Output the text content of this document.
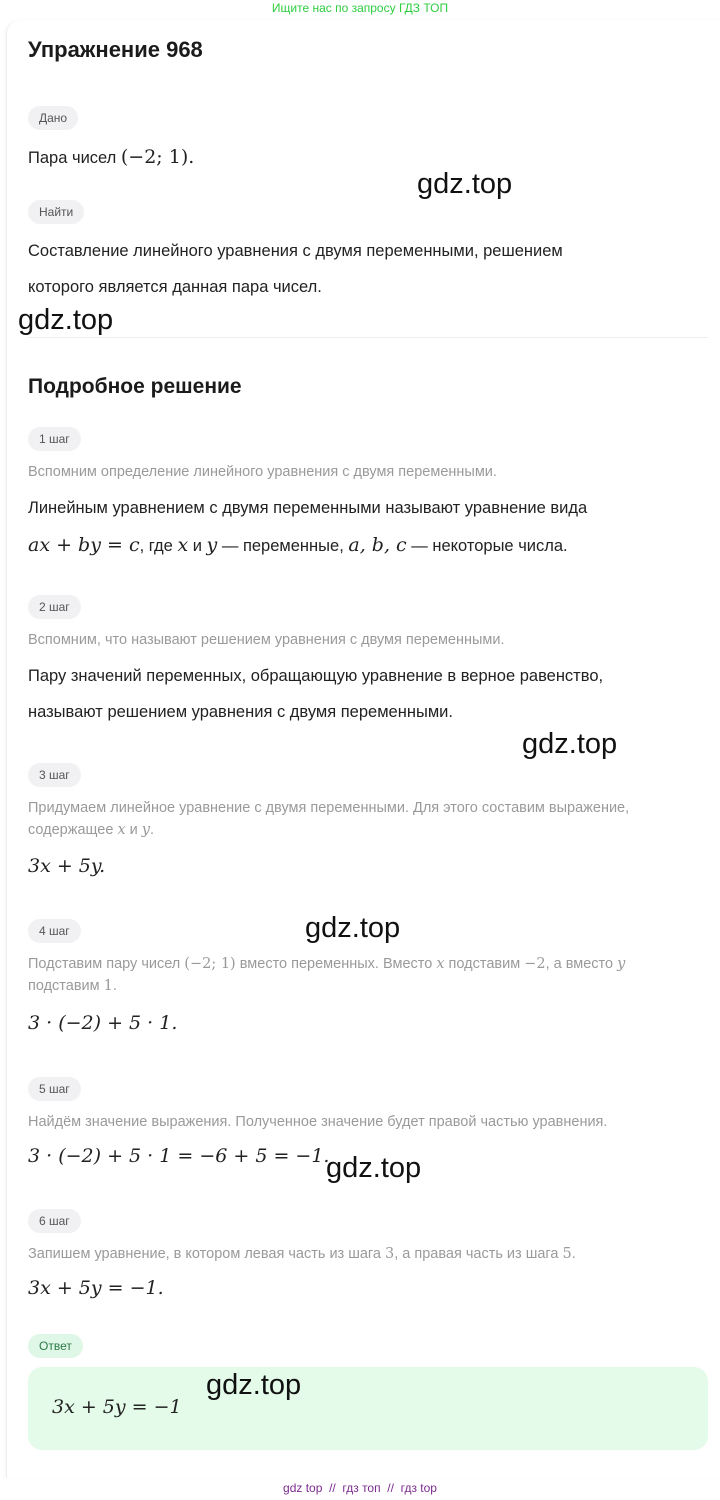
Ищите нас по запросу ГДЗ ТОП
Упражнение 968
Дано
Пара чисел (−2; 1).
Найти
Составление линейного уравнения с двумя переменными, решением
которого является данная пара чисел.
Подробное решение
1 шаг
Вспомним определение линейного уравнения с двумя переменными.
Линейным уравнением с двумя переменными называют уравнение вида
ax + by = c, где x и y — переменные, a, b, c — некоторые числа.
2 шаг
Вспомним, что называют решением уравнения с двумя переменными.
Пару значений переменных, обращающую уравнение в верное равенство,
называют решением уравнения с двумя переменными.
3 шаг
Придумаем линейное уравнение с двумя переменными. Для этого составим выражение,
содержащее x и y.
3x + 5y.
4 шаг
Подставим пару чисел (−2; 1) вместо переменных. Вместо x подставим −2, а вместо y
подставим 1.
3 · (−2) + 5 · 1.
5 шаг
Найдём значение выражения. Полученное значение будет правой частью уравнения.
3 · (−2) + 5 · 1 = −6 + 5 = −1.
6 шаг
Запишем уравнение, в котором левая часть из шага 3, а правая часть из шага 5.
3x + 5y = −1.
Ответ
3x + 5y = −1
gdz.top
gdz.top
gdz.top
gdz.top
gdz.top
gdz.top
gdz top  //  гдз топ  //  гдз top
